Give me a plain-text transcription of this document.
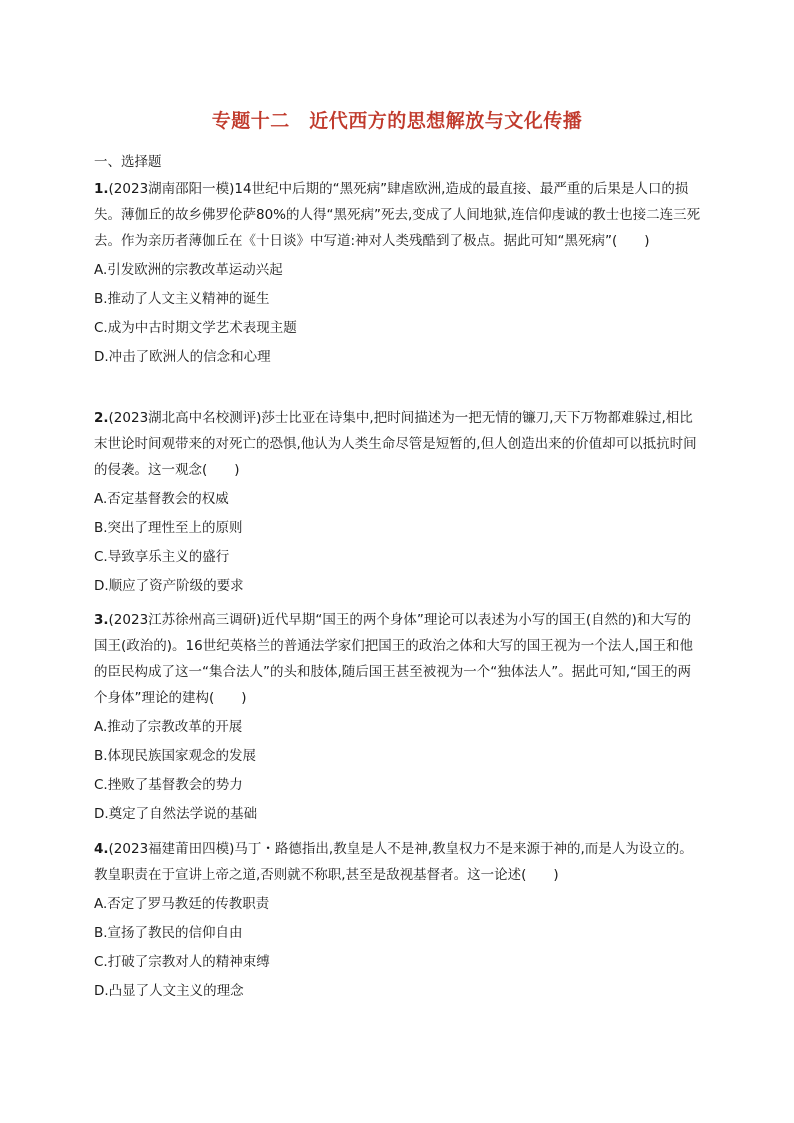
专题十二　近代西方的思想解放与文化传播
一、选择题
1.(2023湖南邵阳一模)14世纪中后期的“黑死病”肆虐欧洲,造成的最直接、最严重的后果是人口的损失。薄伽丘的故乡佛罗伦萨80%的人得“黑死病”死去,变成了人间地狱,连信仰虔诚的教士也接二连三死去。作为亲历者薄伽丘在《十日谈》中写道:神对人类残酷到了极点。据此可知“黑死病”(　　)
A.引发欧洲的宗教改革运动兴起
B.推动了人文主义精神的诞生
C.成为中古时期文学艺术表现主题
D.冲击了欧洲人的信念和心理
2.(2023湖北高中名校测评)莎士比亚在诗集中,把时间描述为一把无情的镰刀,天下万物都难躲过,相比末世论时间观带来的对死亡的恐惧,他认为人类生命尽管是短暂的,但人创造出来的价值却可以抵抗时间的侵袭。这一观念(　　)
A.否定基督教会的权威
B.突出了理性至上的原则
C.导致享乐主义的盛行
D.顺应了资产阶级的要求
3.(2023江苏徐州高三调研)近代早期“国王的两个身体”理论可以表述为小写的国王(自然的)和大写的国王(政治的)。16世纪英格兰的普通法学家们把国王的政治之体和大写的国王视为一个法人,国王和他的臣民构成了这一“集合法人”的头和肢体,随后国王甚至被视为一个“独体法人”。据此可知,“国王的两个身体”理论的建构(　　)
A.推动了宗教改革的开展
B.体现民族国家观念的发展
C.挫败了基督教会的势力
D.奠定了自然法学说的基础
4.(2023福建莆田四模)马丁・路德指出,教皇是人不是神,教皇权力不是来源于神的,而是人为设立的。教皇职责在于宣讲上帝之道,否则就不称职,甚至是敌视基督者。这一论述(　　)
A.否定了罗马教廷的传教职责
B.宣扬了教民的信仰自由
C.打破了宗教对人的精神束缚
D.凸显了人文主义的理念
